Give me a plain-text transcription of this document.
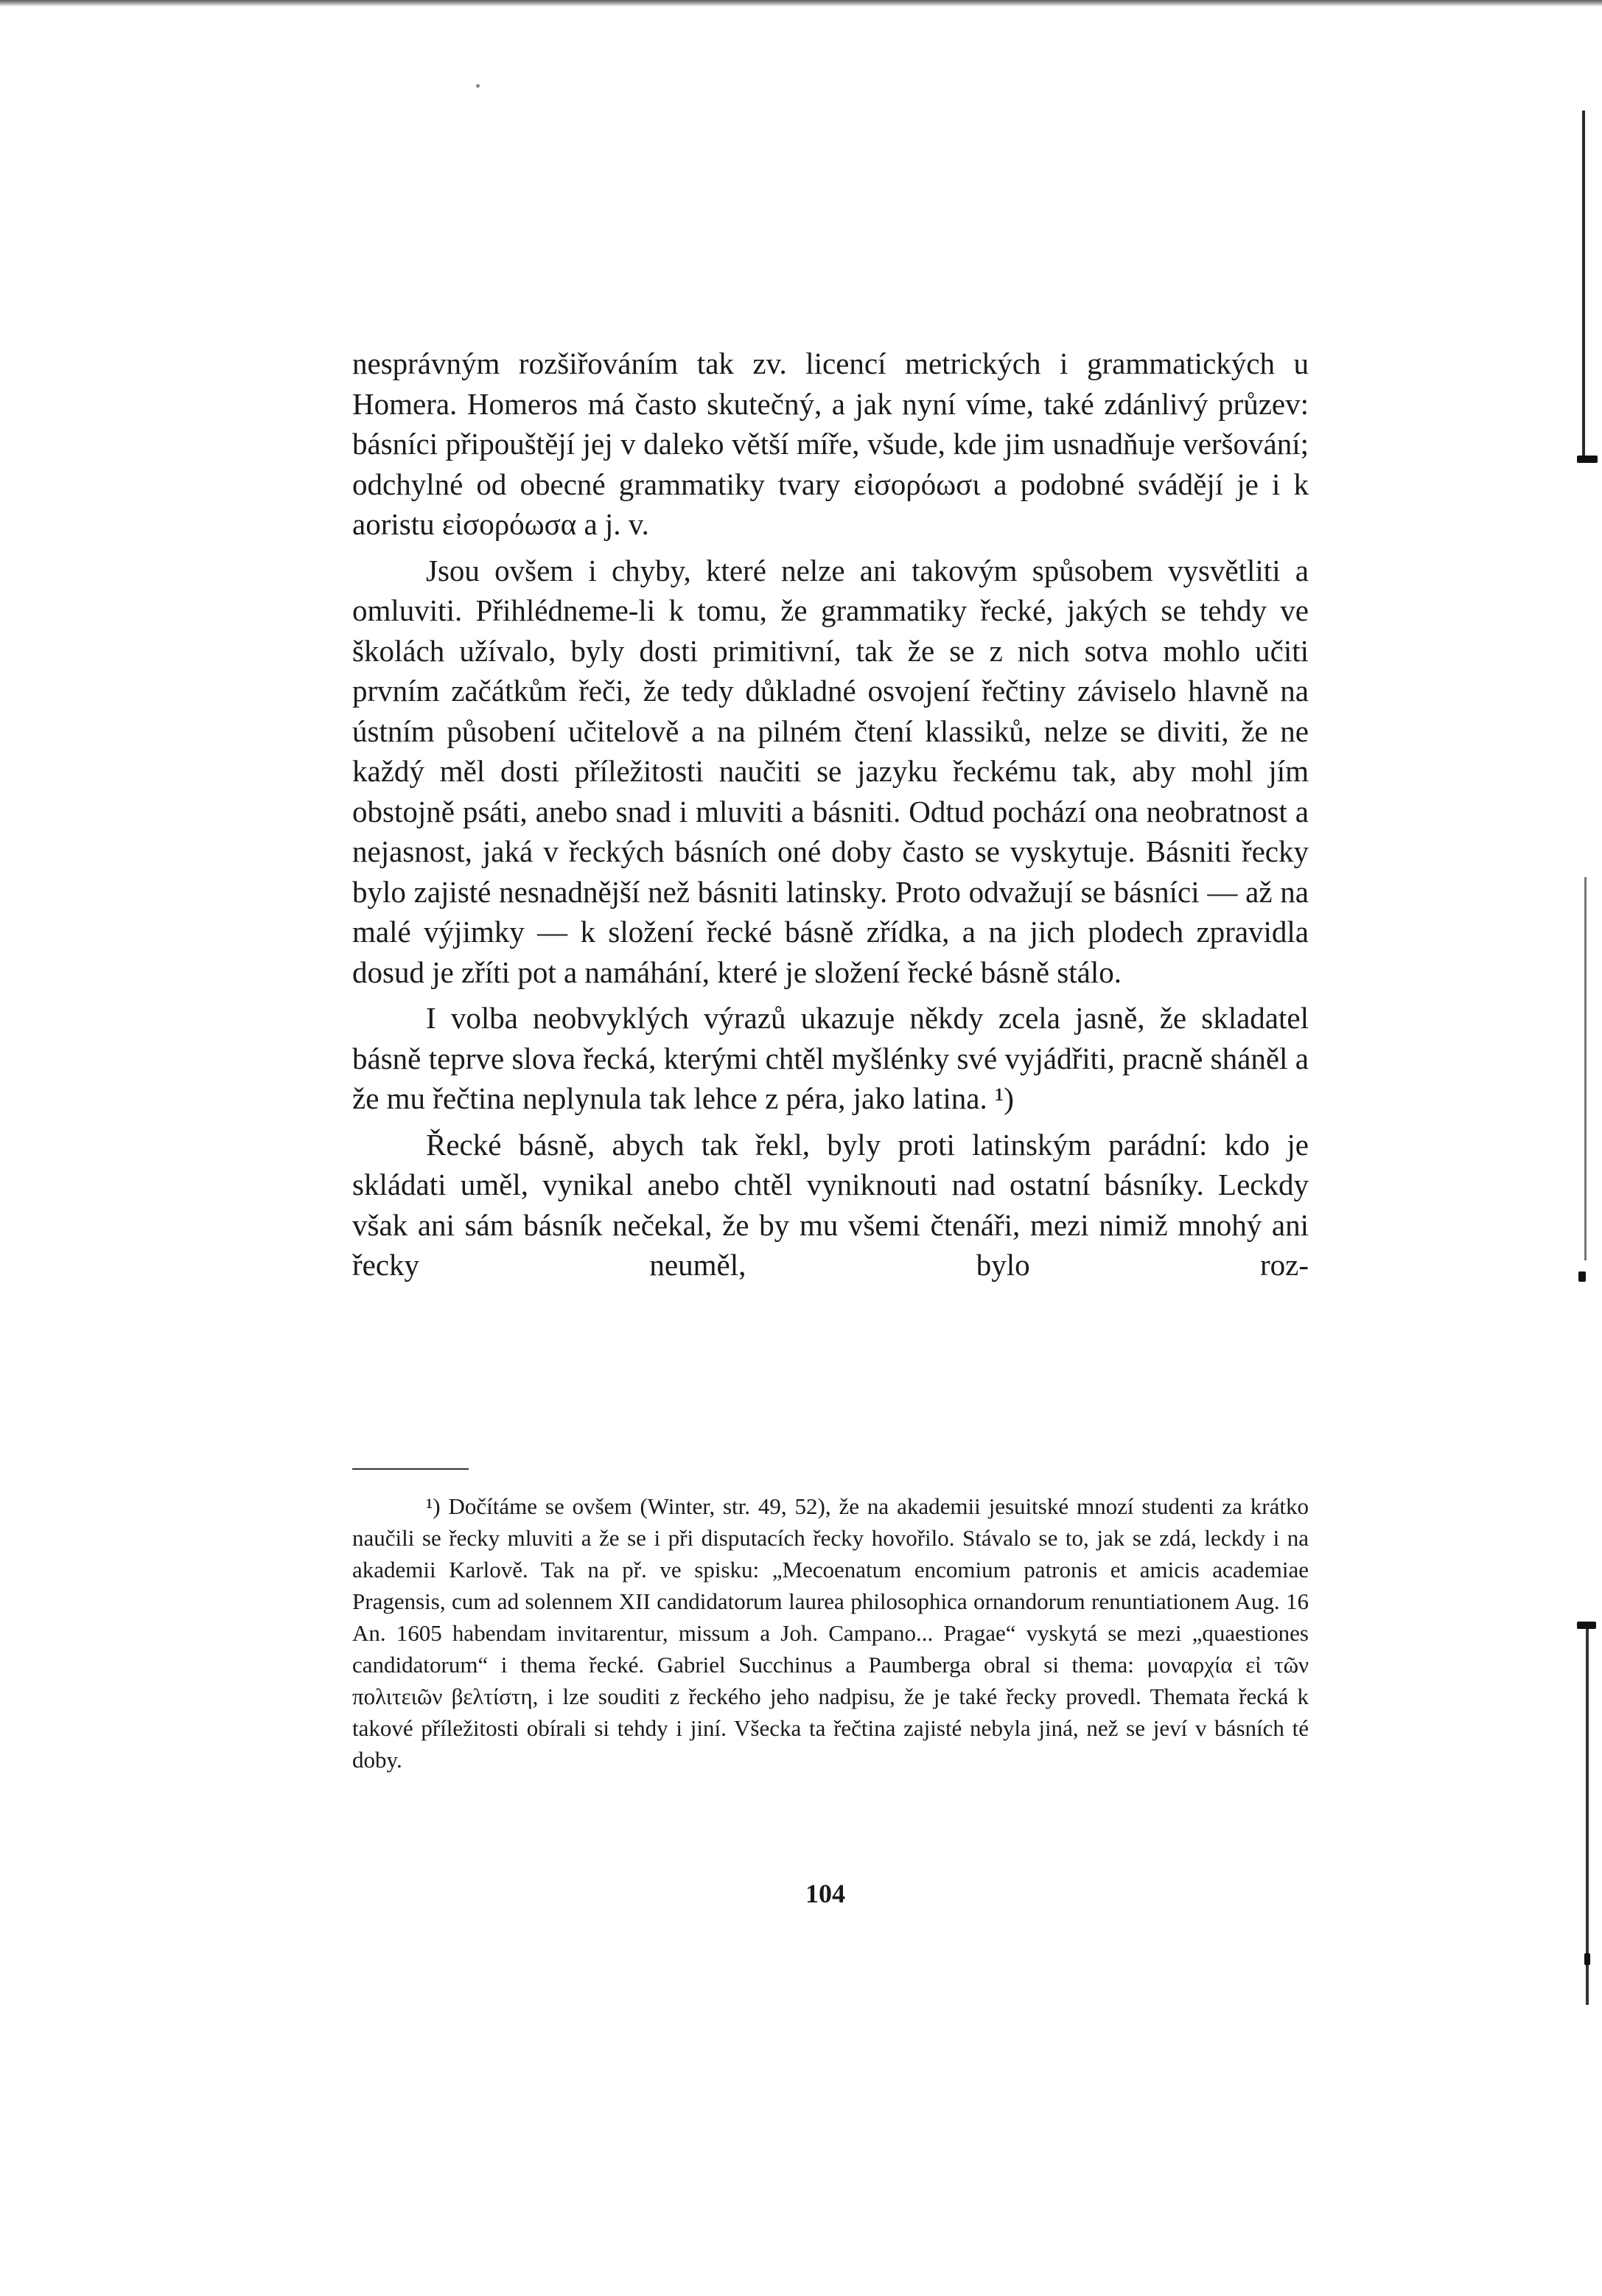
nesprávným rozšiřováním tak zv. licencí metrických i grammatických u Homera. Homeros má často skutečný, a jak nyní víme, také zdánlivý průzev: básníci připouštějí jej v daleko větší míře, všude, kde jim usnadňuje veršování; odchylné od obecné grammatiky tvary εἰσορόωσι a podobné svádějí je i k aoristu εἰσορόωσα a j. v.

Jsou ovšem i chyby, které nelze ani takovým spůsobem vysvětliti a omluviti. Přihlédneme-li k tomu, že grammatiky řecké, jakých se tehdy ve školách užívalo, byly dosti primitivní, tak že se z nich sotva mohlo učiti prvním začátkům řeči, že tedy důkladné osvojení řečtiny záviselo hlavně na ústním působení učitelově a na pilném čtení klassiků, nelze se diviti, že ne každý měl dosti příležitosti naučiti se jazyku řeckému tak, aby mohl jím obstojně psáti, anebo snad i mluviti a básniti. Odtud pochází ona neobratnost a nejasnost, jaká v řeckých básních oné doby často se vyskytuje. Básniti řecky bylo zajisté nesnadnější než básniti latinsky. Proto odvažují se básníci — až na malé výjimky — k složení řecké básně zřídka, a na jich plodech zpravidla dosud je zříti pot a namáhání, které je složení řecké básně stálo.

I volba neobvyklých výrazů ukazuje někdy zcela jasně, že skladatel básně teprve slova řecká, kterými chtěl myšlénky své vyjádřiti, pracně sháněl a že mu řečtina neplynula tak lehce z péra, jako latina. ¹)

Řecké básně, abych tak řekl, byly proti latinským parádní: kdo je skládati uměl, vynikal anebo chtěl vyniknouti nad ostatní básníky. Leckdy však ani sám básník nečekal, že by mu všemi čtenáři, mezi nimiž mnohý ani řecky neuměl, bylo roz-

¹) Dočítáme se ovšem (Winter, str. 49, 52), že na akademii jesuitské mnozí studenti za krátko naučili se řecky mluviti a že se i při disputacích řecky hovořilo. Stávalo se to, jak se zdá, leckdy i na akademii Karlově. Tak na př. ve spisku: „Mecoenatum encomium patronis et amicis academiae Pragensis, cum ad solennem XII candidatorum laurea philosophica ornandorum renuntiationem Aug. 16 An. 1605 habendam invitarentur, missum a Joh. Campano... Pragae“ vyskytá se mezi „quaestiones candidatorum“ i thema řecké. Gabriel Succhinus a Paumberga obral si thema: μοναρχία εἰ τῶν πολιτειῶν βελτίστη, i lze souditi z řeckého jeho nadpisu, že je také řecky provedl. Themata řecká k takové příležitosti obírali si tehdy i jiní. Všecka ta řečtina zajisté nebyla jiná, než se jeví v básních té doby.

104
